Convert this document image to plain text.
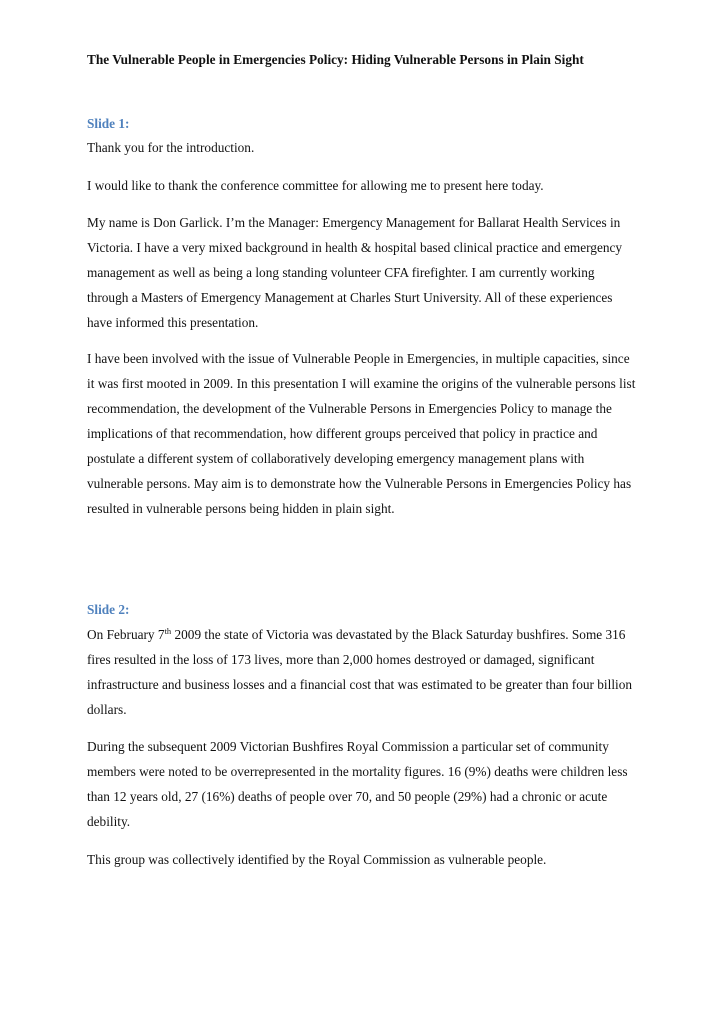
The Vulnerable People in Emergencies Policy: Hiding Vulnerable Persons in Plain Sight
Slide 1:

Thank you for the introduction.

I would like to thank the conference committee for allowing me to present here today.

My name is Don Garlick. I’m the Manager: Emergency Management for Ballarat Health Services in Victoria. I have a very mixed background in health & hospital based clinical practice and emergency management as well as being a long standing volunteer CFA firefighter. I am currently working through a Masters of Emergency Management at Charles Sturt University. All of these experiences have informed this presentation.

I have been involved with the issue of Vulnerable People in Emergencies, in multiple capacities, since it was first mooted in 2009. In this presentation I will examine the origins of the vulnerable persons list recommendation, the development of the Vulnerable Persons in Emergencies Policy to manage the implications of that recommendation, how different groups perceived that policy in practice and postulate a different system of collaboratively developing emergency management plans with vulnerable persons. May aim is to demonstrate how the Vulnerable Persons in Emergencies Policy has resulted in vulnerable persons being hidden in plain sight.

Slide 2:

On February 7th 2009 the state of Victoria was devastated by the Black Saturday bushfires. Some 316 fires resulted in the loss of 173 lives, more than 2,000 homes destroyed or damaged, significant infrastructure and business losses and a financial cost that was estimated to be greater than four billion dollars.

During the subsequent 2009 Victorian Bushfires Royal Commission a particular set of community members were noted to be overrepresented in the mortality figures. 16 (9%) deaths were children less than 12 years old, 27 (16%) deaths of people over 70, and 50 people (29%) had a chronic or acute debility.

This group was collectively identified by the Royal Commission as vulnerable people.
